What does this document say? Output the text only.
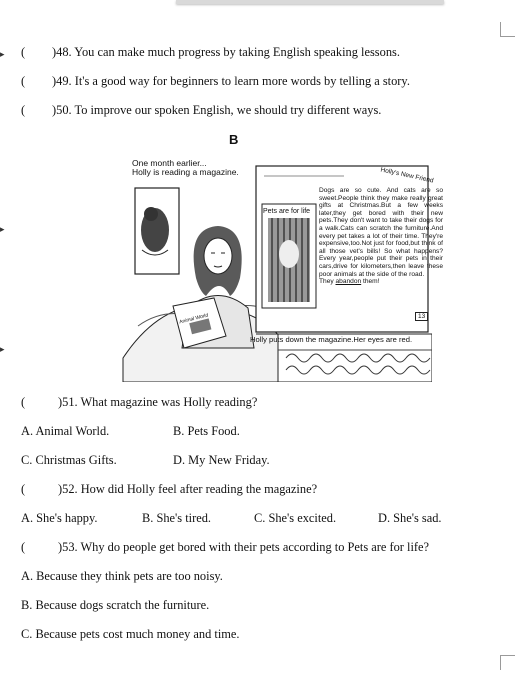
▸
▸
▸
( )48. You can make much progress by taking English speaking lessons.
( )49. It's a good way for beginners to learn more words by telling a story.
( )50. To improve our spoken English, we should try different ways.
B
One month earlier...
Holly is reading a magazine.	Holly's New Friend
Pets are for life
13
Animal World
Holly puts down the magazine.Her eyes are red.
Dogs are so cute. And cats are so sweet.People think they make really great gifts at Christmas.But a few weeks later,they get bored with their new pets.They don't want to take their dogs for a walk.Cats can scratch the furniture.And every pet takes a lot of their time. They're expensive,too.Not just for food,but think of all those vet's bills! So what happens? Every year,people put their pets in their cars,drive for kilometers,then leave these poor animals at the side of the road.
They abandon them!
(	)51. What magazine was Holly reading?
A. Animal World.	B. Pets Food.
C. Christmas Gifts.	D. My New Friday.
(	)52. How did Holly feel after reading the magazine?
A. She's happy.	B. She's tired.	C. She's excited.	D. She's sad.
(	)53. Why do people get bored with their pets according to Pets are for life?
A. Because they think pets are too noisy.
B. Because dogs scratch the furniture.
C. Because pets cost much money and time.
